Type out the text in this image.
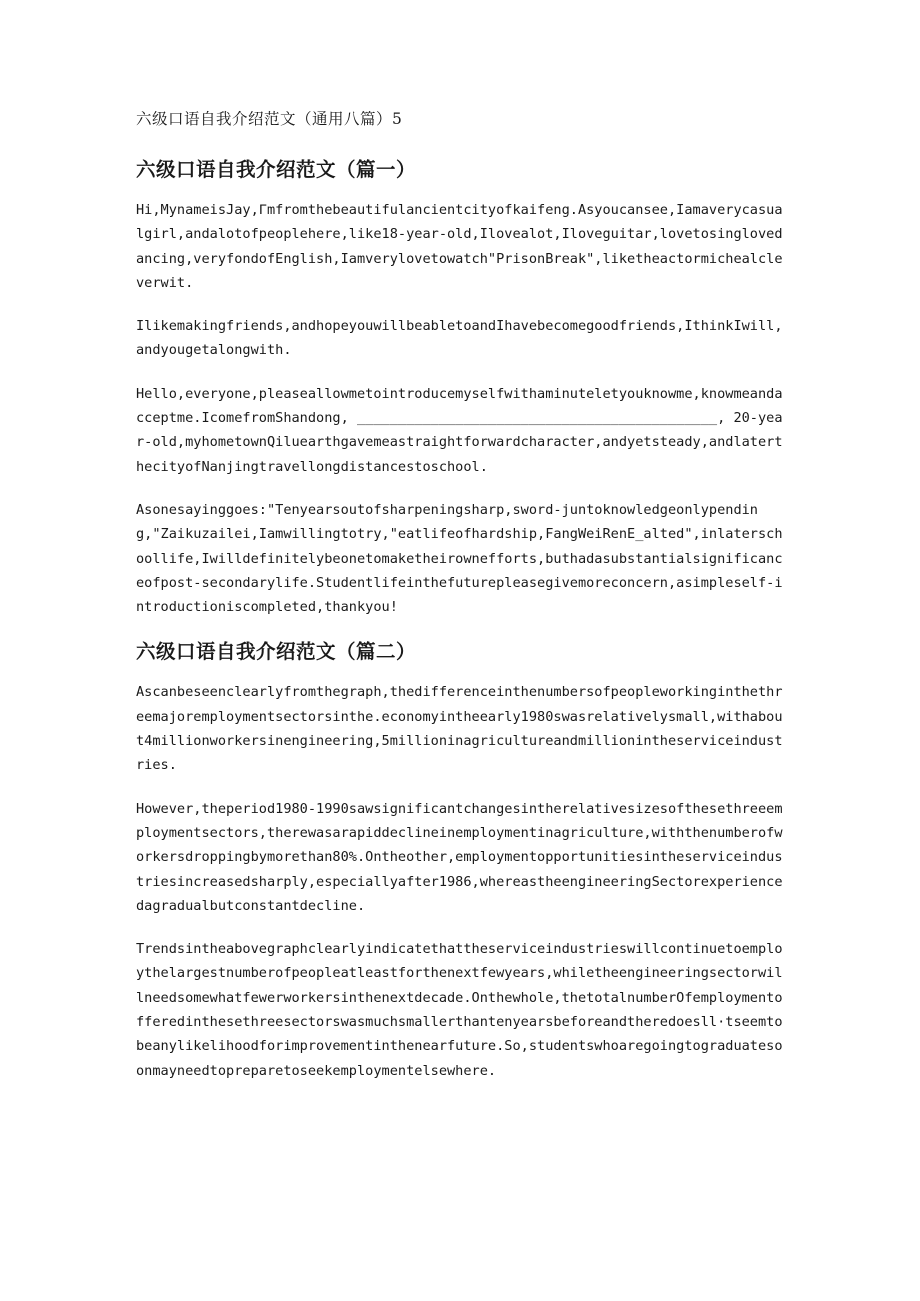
六级口语自我介绍范文（通用八篇）5
六级口语自我介绍范文（篇一）

Hi,MynameisJay,Γmfromthebeautifulancientcityofkaifeng.Asyoucansee,Iamaverycasualgirl,andalotofpeoplehere,like18-year-old,Ilovealot,Iloveguitar,lovetosinglovedancing,veryfondofEnglish,Iamverylovetowatch"PrisonBreak",liketheactormichealcleverwit.

Ilikemakingfriends,andhopeyouwillbeabletoandIhavebecomegoodfriends,IthinkIwill,andyougetalongwith.

Hello,everyone,pleaseallowmetointroducemyselfwithaminuteletyouknowme,knowmeandacceptme.IcomefromShandong, ____________________________________________, 20-year-old,myhometownQiluearthgavemeastraightforwardcharacter,andyetsteady,andlaterthecityofNanjingtravellongdistancestoschool.

Asonesayinggoes:"Tenyearsoutofsharpeningsharp,sword-juntoknowledgeonlypending,"Zaikuzailei,Iamwillingtotry,"eatlifeofhardship,FangWeiRenE_alted",inlaterschoollife,Iwilldefinitelybeonetomaketheirownefforts,buthadasubstantialsignificanceofpost-secondarylife.Studentlifeinthefuturepleasegivemoreconcern,asimpleself-introductioniscompleted,thankyou!

六级口语自我介绍范文（篇二）

Ascanbeseenclearlyfromthegraph,thedifferenceinthenumbersofpeopleworkinginthethreemajoremploymentsectorsinthe.economyintheearly1980swasrelativelysmall,withabout4millionworkersinengineering,5millioninagricultureandmillionintheserviceindustries.

However,theperiod1980-1990sawsignificantchangesintherelativesizesofthesethreeemploymentsectors,therewasarapiddeclineinemploymentinagriculture,withthenumberofworkersdroppingbymorethan80%.Ontheother,employmentopportunitiesintheserviceindustriesincreasedsharply,especiallyafter1986,whereastheengineeringSectorexperiencedagradualbutconstantdecline.

Trendsintheabovegraphclearlyindicatethattheserviceindustrieswillcontinuetoemploythelargestnumberofpeopleatleastforthenextfewyears,whiletheengineeringsectorwillneedsomewhatfewerworkersinthenextdecade.Onthewhole,thetotalnumberOfemploymentofferedinthesethreesectorswasmuchsmallerthantenyearsbeforeandtheredoesll·tseemtobeanylikelihoodforimprovementinthenearfuture.So,studentswhoaregoingtograduatesoonmayneedtopreparetoseekemploymentelsewhere.
